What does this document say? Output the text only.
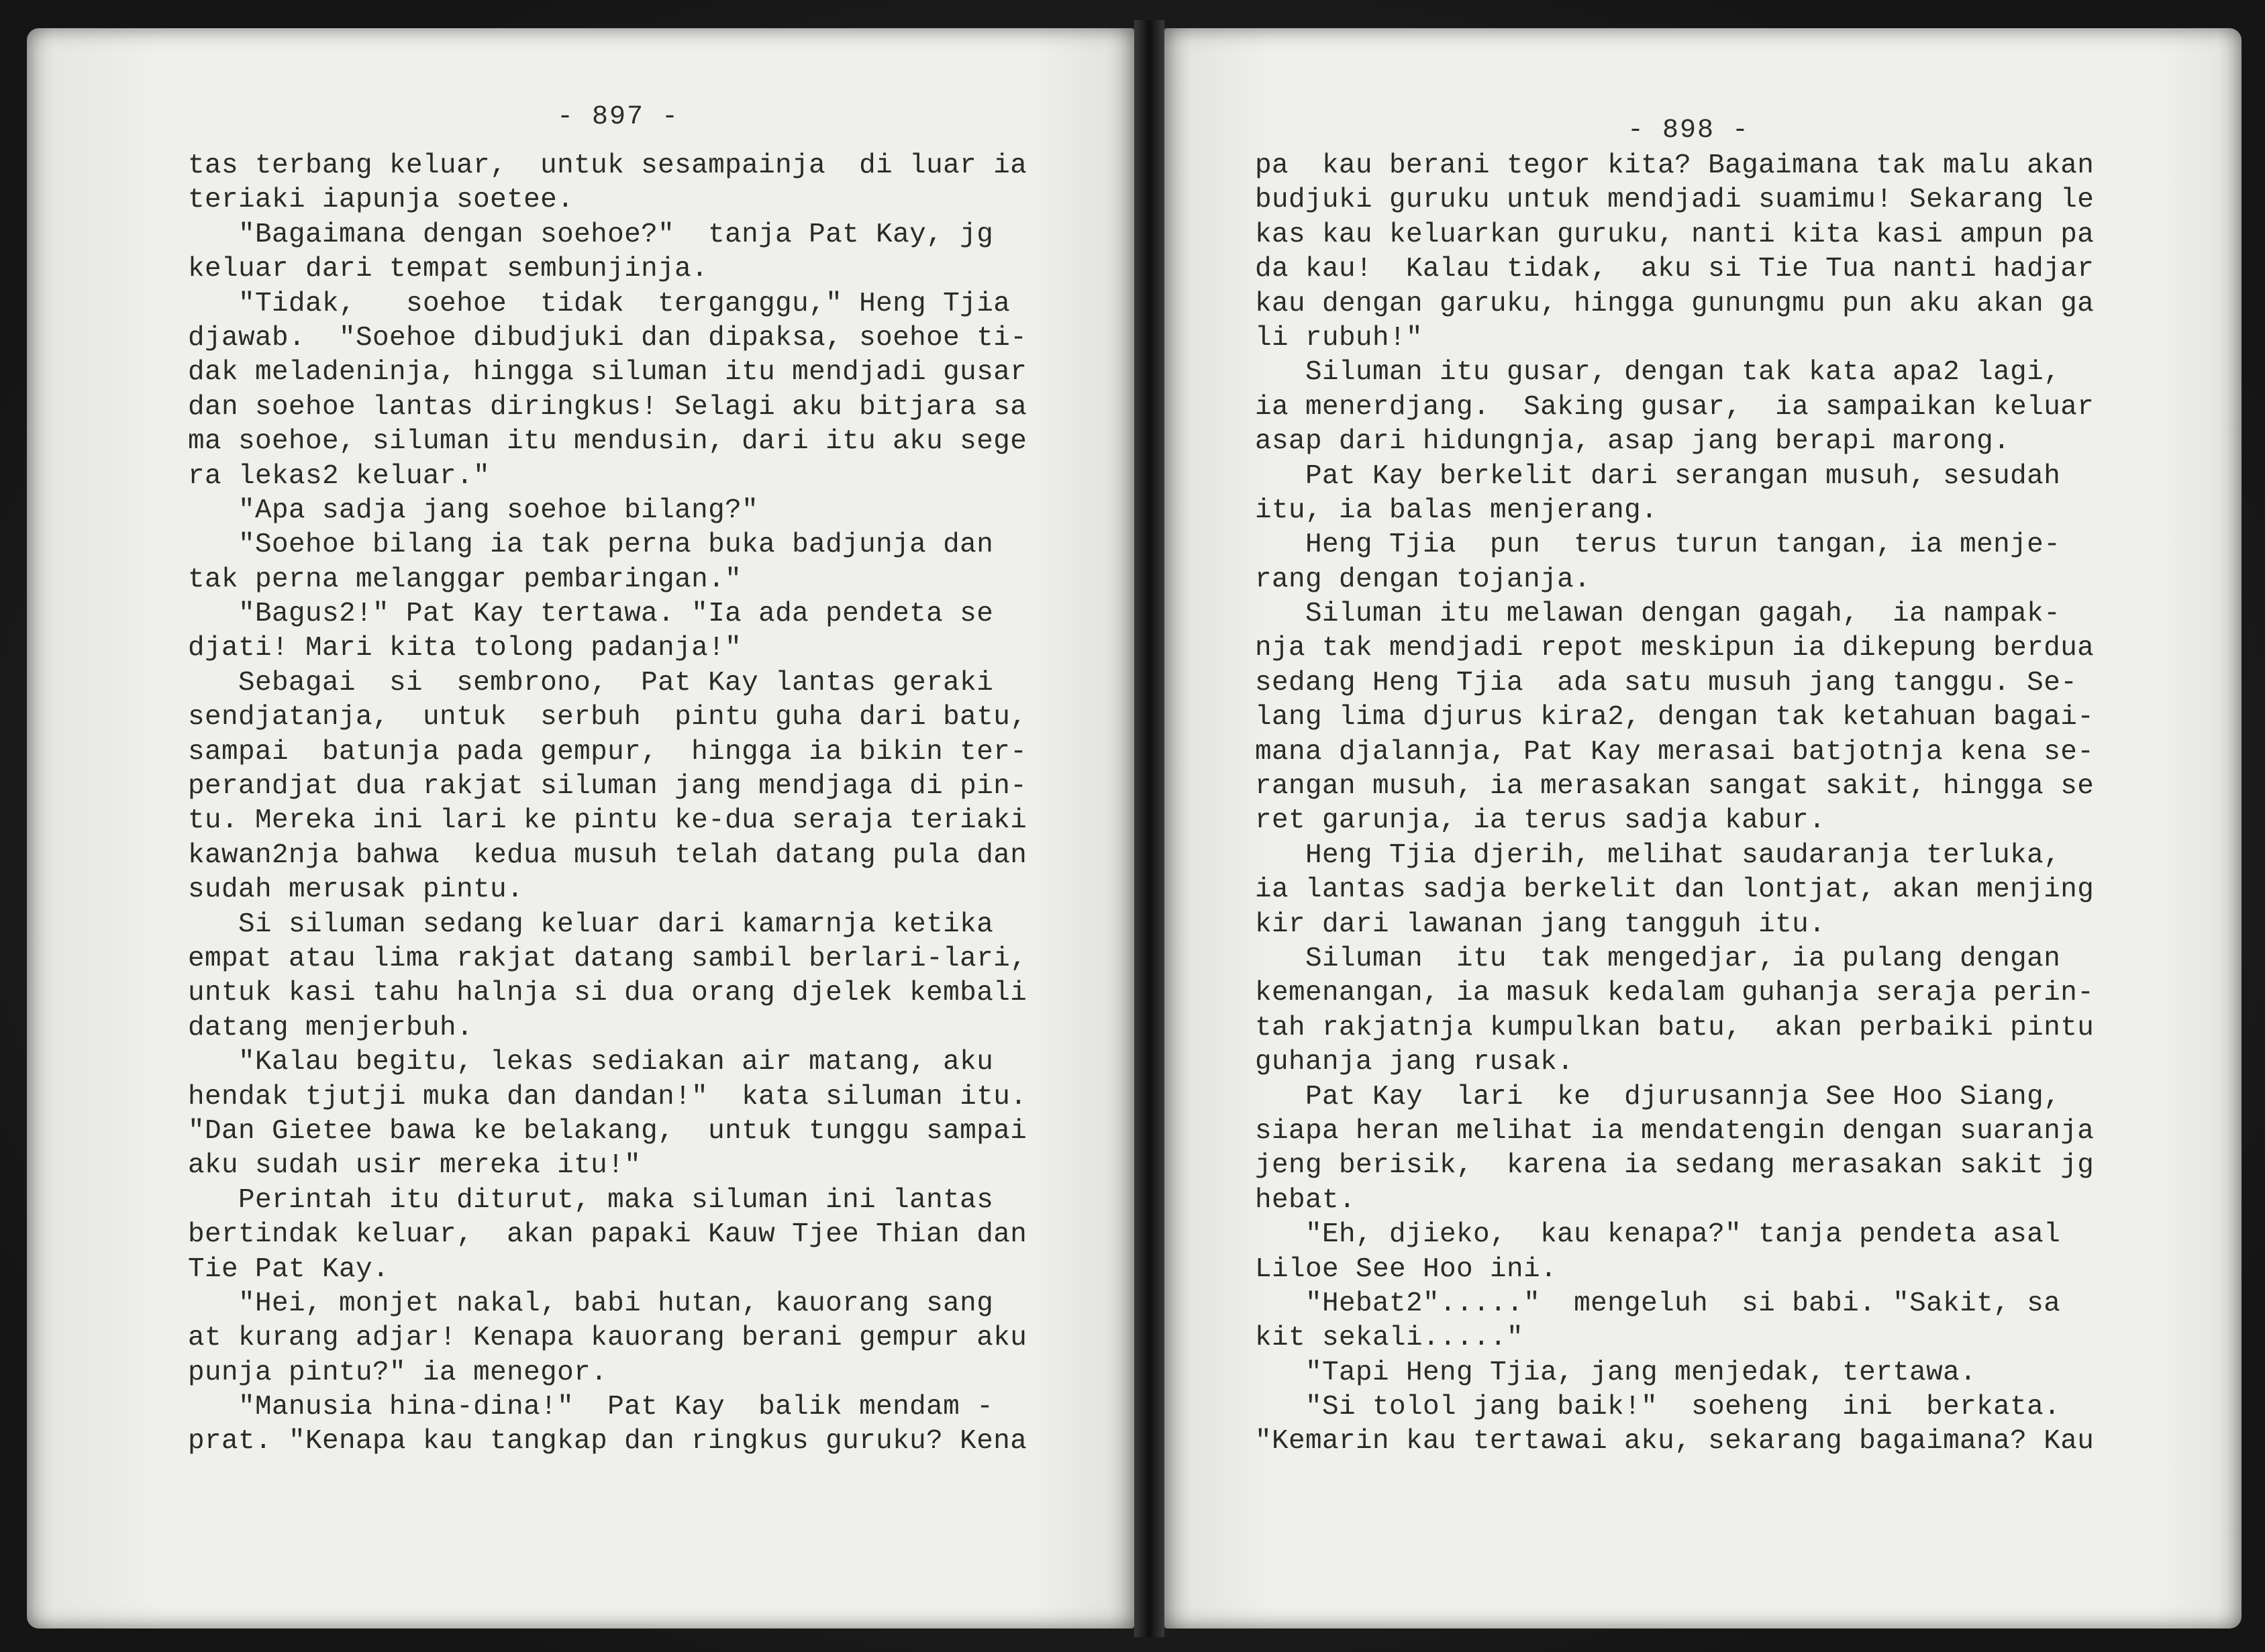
- 897 -
tas terbang keluar,  untuk sesampainja  di luar ia
teriaki iapunja soetee.
"Bagaimana dengan soehoe?"  tanja Pat Kay, jg
keluar dari tempat sembunjinja.
"Tidak,   soehoe  tidak  terganggu," Heng Tjia
djawab.  "Soehoe dibudjuki dan dipaksa, soehoe ti-
dak meladeninja, hingga siluman itu mendjadi gusar
dan soehoe lantas diringkus! Selagi aku bitjara sa
ma soehoe, siluman itu mendusin, dari itu aku sege
ra lekas2 keluar."
"Apa sadja jang soehoe bilang?"
"Soehoe bilang ia tak perna buka badjunja dan
tak perna melanggar pembaringan."
"Bagus2!" Pat Kay tertawa. "Ia ada pendeta se
djati! Mari kita tolong padanja!"
Sebagai  si  sembrono,  Pat Kay lantas geraki
sendjatanja,  untuk  serbuh  pintu guha dari batu,
sampai  batunja pada gempur,  hingga ia bikin ter-
perandjat dua rakjat siluman jang mendjaga di pin-
tu. Mereka ini lari ke pintu ke-dua seraja teriaki
kawan2nja bahwa  kedua musuh telah datang pula dan
sudah merusak pintu.
Si siluman sedang keluar dari kamarnja ketika
empat atau lima rakjat datang sambil berlari-lari,
untuk kasi tahu halnja si dua orang djelek kembali
datang menjerbuh.
"Kalau begitu, lekas sediakan air matang, aku
hendak tjutji muka dan dandan!"  kata siluman itu.
"Dan Gietee bawa ke belakang,  untuk tunggu sampai
aku sudah usir mereka itu!"
Perintah itu diturut, maka siluman ini lantas
bertindak keluar,  akan papaki Kauw Tjee Thian dan
Tie Pat Kay.
"Hei, monjet nakal, babi hutan, kauorang sang
at kurang adjar! Kenapa kauorang berani gempur aku
punja pintu?" ia menegor.
"Manusia hina-dina!"  Pat Kay  balik mendam -
prat. "Kenapa kau tangkap dan ringkus guruku? Kena
- 898 -
pa  kau berani tegor kita? Bagaimana tak malu akan
budjuki guruku untuk mendjadi suamimu! Sekarang le
kas kau keluarkan guruku, nanti kita kasi ampun pa
da kau!  Kalau tidak,  aku si Tie Tua nanti hadjar
kau dengan garuku, hingga gunungmu pun aku akan ga
li rubuh!"
Siluman itu gusar, dengan tak kata apa2 lagi,
ia menerdjang.  Saking gusar,  ia sampaikan keluar
asap dari hidungnja, asap jang berapi marong.
Pat Kay berkelit dari serangan musuh, sesudah
itu, ia balas menjerang.
Heng Tjia  pun  terus turun tangan, ia menje-
rang dengan tojanja.
Siluman itu melawan dengan gagah,  ia nampak-
nja tak mendjadi repot meskipun ia dikepung berdua
sedang Heng Tjia  ada satu musuh jang tanggu. Se-
lang lima djurus kira2, dengan tak ketahuan bagai-
mana djalannja, Pat Kay merasai batjotnja kena se-
rangan musuh, ia merasakan sangat sakit, hingga se
ret garunja, ia terus sadja kabur.
Heng Tjia djerih, melihat saudaranja terluka,
ia lantas sadja berkelit dan lontjat, akan menjing
kir dari lawanan jang tangguh itu.
Siluman  itu  tak mengedjar, ia pulang dengan
kemenangan, ia masuk kedalam guhanja seraja perin-
tah rakjatnja kumpulkan batu,  akan perbaiki pintu
guhanja jang rusak.
Pat Kay  lari  ke  djurusannja See Hoo Siang,
siapa heran melihat ia mendatengin dengan suaranja
jeng berisik,  karena ia sedang merasakan sakit jg
hebat.
"Eh, djieko,  kau kenapa?" tanja pendeta asal
Liloe See Hoo ini.
"Hebat2"....."  mengeluh  si babi. "Sakit, sa
kit sekali....."
"Tapi Heng Tjia, jang menjedak, tertawa.
"Si tolol jang baik!"  soeheng  ini  berkata.
"Kemarin kau tertawai aku, sekarang bagaimana? Kau
